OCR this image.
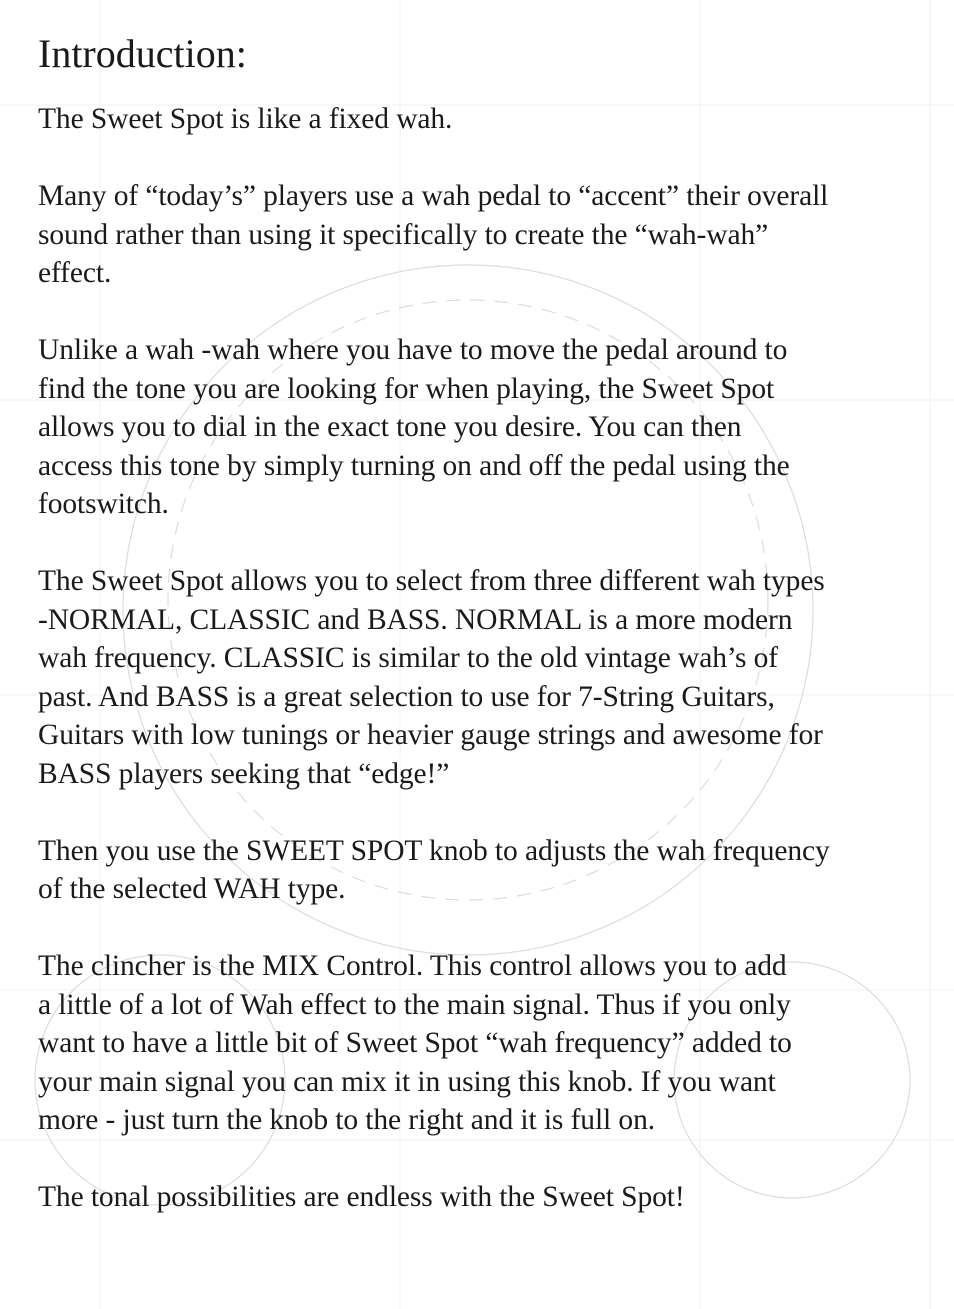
Introduction:

The Sweet Spot is like a fixed wah.

Many of “today’s” players use a wah pedal to “accent” their overall
sound rather than using it specifically to create the “wah-wah”
effect.

Unlike a wah -wah where you have to move the pedal around to
find the tone you are looking for when playing, the Sweet Spot
allows you to dial in the exact tone you desire. You can then
access this tone by simply turning on and off the pedal using the
footswitch.

The Sweet Spot allows you to select from three different wah types
-NORMAL, CLASSIC and BASS. NORMAL is a more modern
wah frequency. CLASSIC is similar to the old vintage wah’s of
past. And BASS is a great selection to use for 7-String Guitars,
Guitars with low tunings or heavier gauge strings and awesome for
BASS players seeking that “edge!”

Then you use the SWEET SPOT knob to adjusts the wah frequency
of the selected WAH type.

The clincher is the MIX Control. This control allows you to add
a little of a lot of Wah effect to the main signal. Thus if you only
want to have a little bit of Sweet Spot “wah frequency” added to
your main signal you can mix it in using this knob. If you want
more - just turn the knob to the right and it is full on.

The tonal possibilities are endless with the Sweet Spot!
